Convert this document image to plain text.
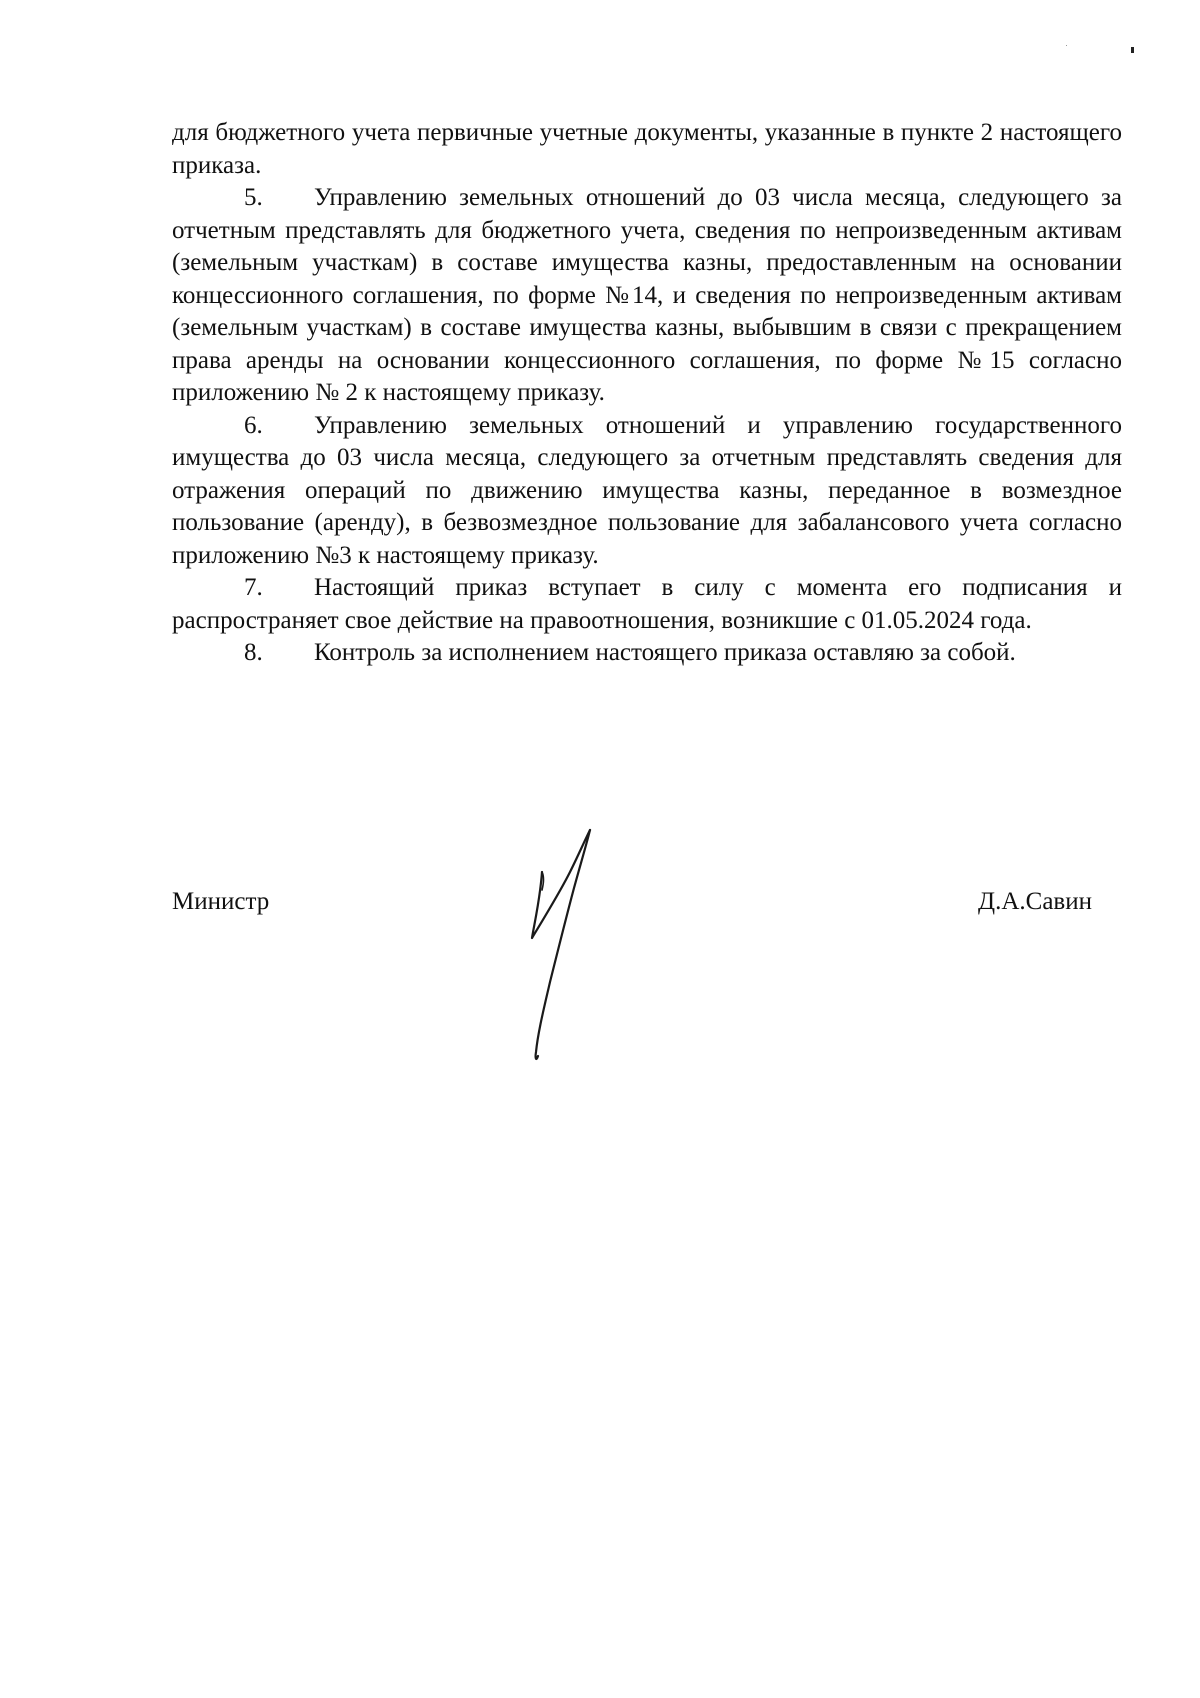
для бюджетного учета первичные учетные документы, указанные в пункте 2 настоящего приказа.

5. Управлению земельных отношений до 03 числа месяца, следующего за отчетным представлять для бюджетного учета, сведения по непроизведенным активам (земельным участкам) в составе имущества казны, предоставленным на основании концессионного соглашения, по форме №14, и сведения по непроизведенным активам (земельным участкам) в составе имущества казны, выбывшим в связи с прекращением права аренды на основании концессионного соглашения, по форме №15 согласно приложению № 2 к настоящему приказу.

6. Управлению земельных отношений и управлению государственного имущества до 03 числа месяца, следующего за отчетным представлять сведения для отражения операций по движению имущества казны, переданное в возмездное пользование (аренду), в безвозмездное пользование для забалансового учета согласно приложению №3 к настоящему приказу.

7. Настоящий приказ вступает в силу с момента его подписания и распространяет свое действие на правоотношения, возникшие с 01.05.2024 года.

8. Контроль за исполнением настоящего приказа оставляю за собой.

Министр	Д.А.Савин
